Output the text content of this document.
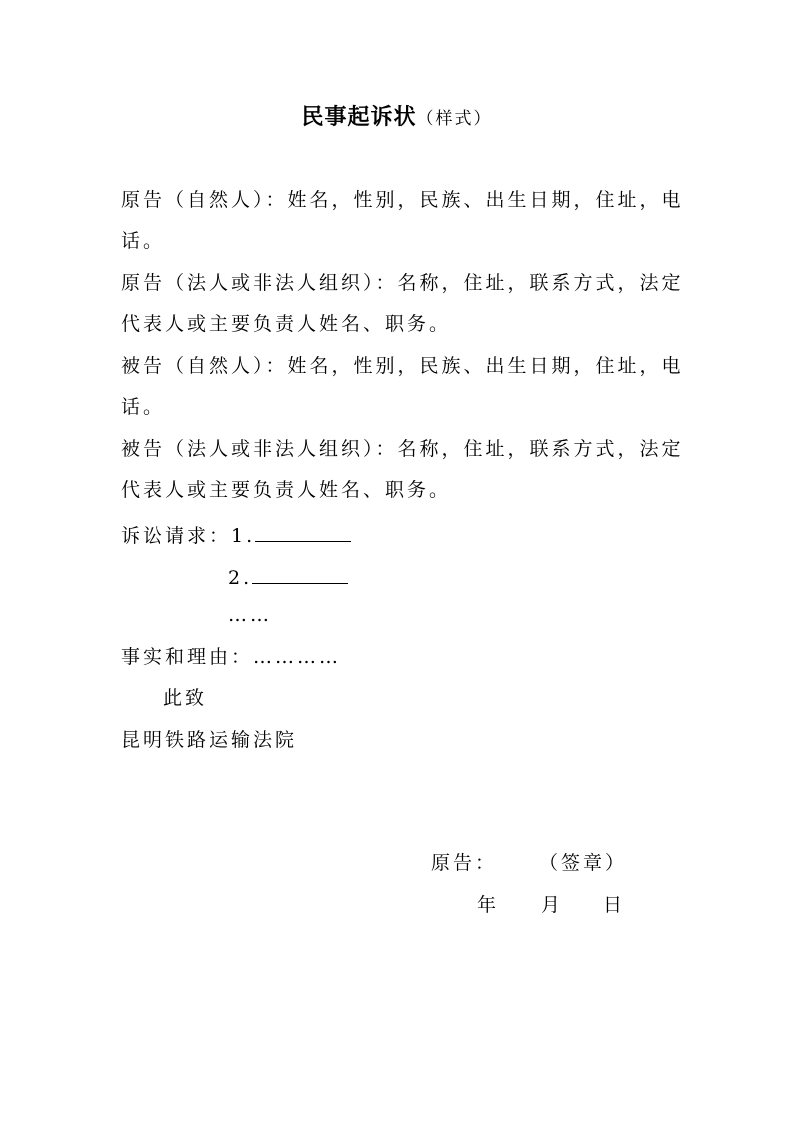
民事起诉状（样式）
原告（自然人）：姓名，性别，民族、出生日期，住址，电
话。
原告（法人或非法人组织）：名称，住址，联系方式，法定
代表人或主要负责人姓名、职务。
被告（自然人）：姓名，性别，民族、出生日期，住址，电
话。
被告（法人或非法人组织）：名称，住址，联系方式，法定
代表人或主要负责人姓名、职务。
诉讼请求：1.
2.
……
事实和理由：…………
此致
昆明铁路运输法院
原告： （签章）
年 月 日
